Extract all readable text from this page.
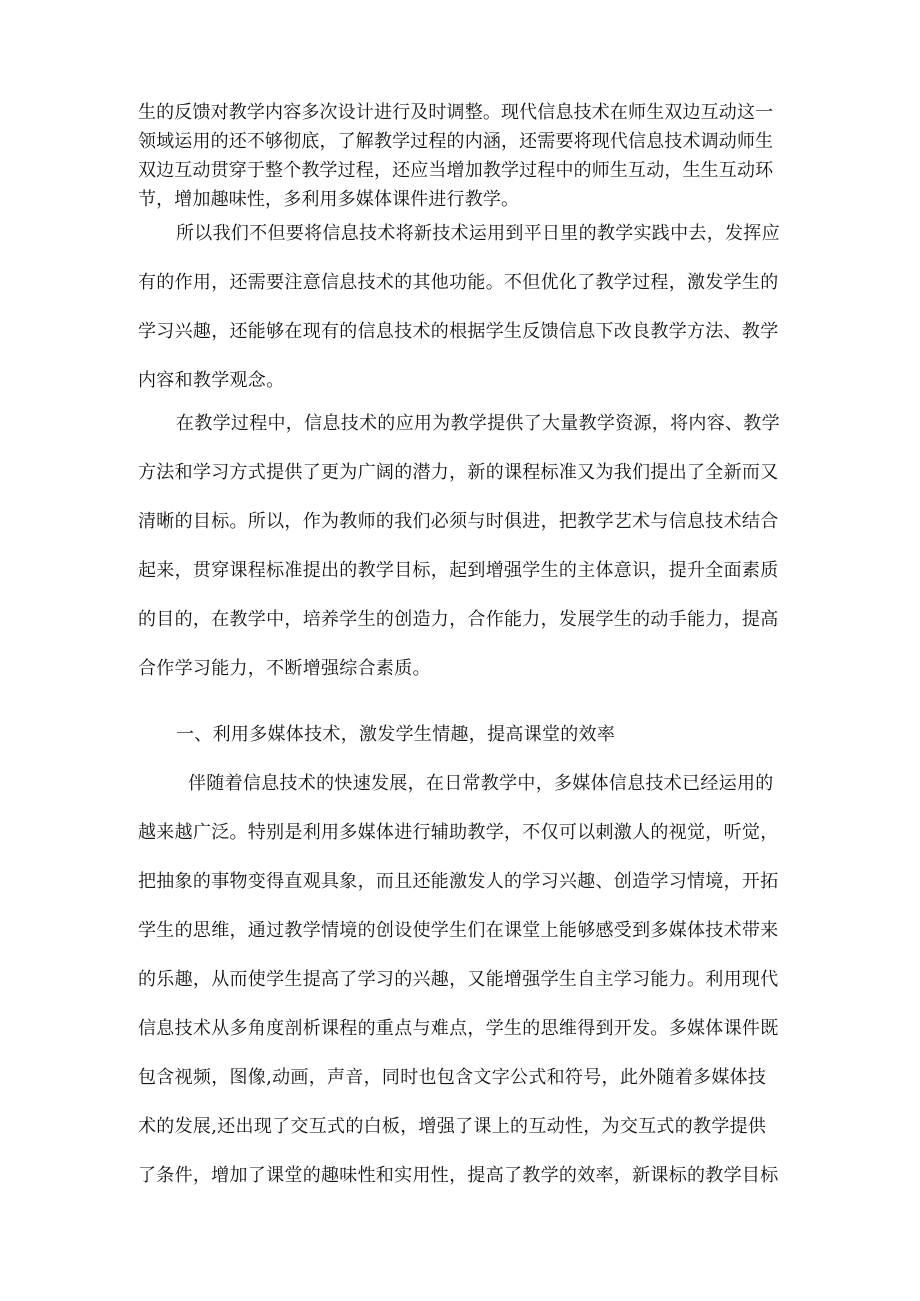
生的反馈对教学内容多次设计进行及时调整。现代信息技术在师生双边互动这一
领域运用的还不够彻底，了解教学过程的内涵，还需要将现代信息技术调动师生
双边互动贯穿于整个教学过程，还应当增加教学过程中的师生互动，生生互动环
节，增加趣味性，多利用多媒体课件进行教学。
所以我们不但要将信息技术将新技术运用到平日里的教学实践中去，发挥应
有的作用，还需要注意信息技术的其他功能。不但优化了教学过程，激发学生的
学习兴趣，还能够在现有的信息技术的根据学生反馈信息下改良教学方法、教学
内容和教学观念。
在教学过程中，信息技术的应用为教学提供了大量教学资源，将内容、教学
方法和学习方式提供了更为广阔的潜力，新的课程标准又为我们提出了全新而又
清晰的目标。所以，作为教师的我们必须与时俱进，把教学艺术与信息技术结合
起来，贯穿课程标准提出的教学目标，起到增强学生的主体意识，提升全面素质
的目的，在教学中，培养学生的创造力，合作能力，发展学生的动手能力，提高
合作学习能力，不断增强综合素质。
一、利用多媒体技术，激发学生情趣，提高课堂的效率
伴随着信息技术的快速发展，在日常教学中，多媒体信息技术已经运用的
越来越广泛。特别是利用多媒体进行辅助教学，不仅可以刺激人的视觉，听觉，
把抽象的事物变得直观具象，而且还能激发人的学习兴趣、创造学习情境，开拓
学生的思维，通过教学情境的创设使学生们在课堂上能够感受到多媒体技术带来
的乐趣，从而使学生提高了学习的兴趣，又能增强学生自主学习能力。利用现代
信息技术从多角度剖析课程的重点与难点，学生的思维得到开发。多媒体课件既
包含视频，图像,动画，声音，同时也包含文字公式和符号，此外随着多媒体技
术的发展,还出现了交互式的白板，增强了课上的互动性，为交互式的教学提供
了条件，增加了课堂的趣味性和实用性，提高了教学的效率，新课标的教学目标
